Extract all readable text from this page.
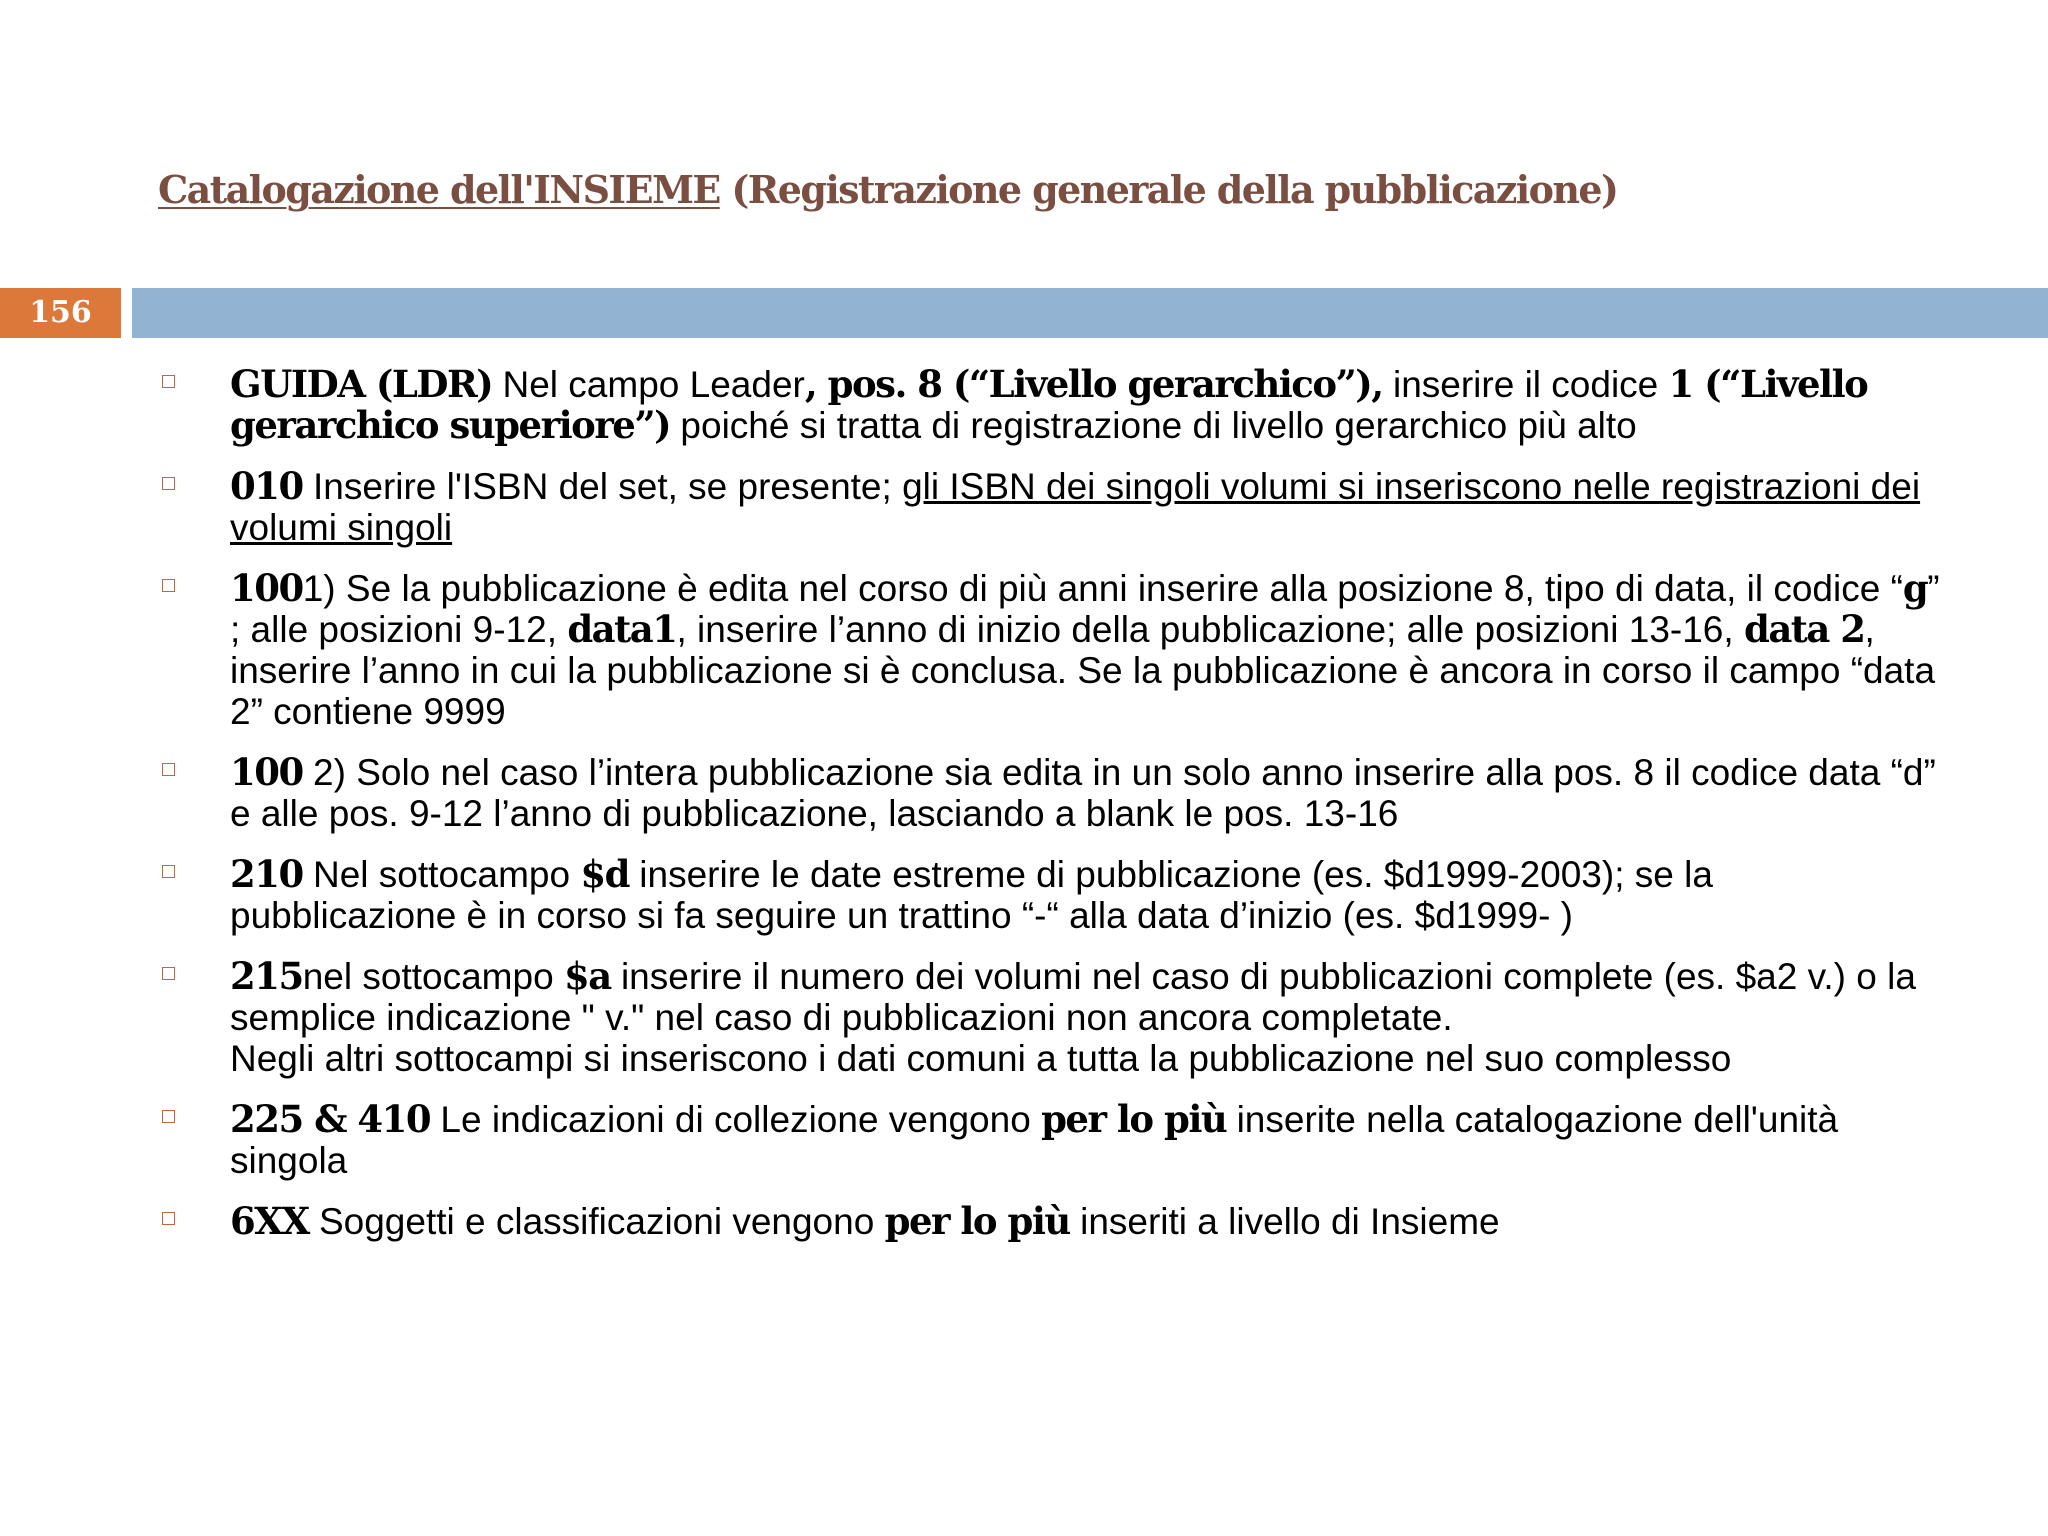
Catalogazione dell'INSIEME (Registrazione generale della pubblicazione)
156
GUIDA (LDR) Nel campo Leader, pos. 8 (“Livello gerarchico”), inserire il codice 1 (“Livello gerarchico superiore”) poiché si tratta di registrazione di livello gerarchico più alto
010 Inserire l'ISBN del set, se presente; gli ISBN dei singoli volumi si inseriscono nelle registrazioni dei volumi singoli
1001) Se la pubblicazione è edita nel corso di più anni inserire alla posizione 8, tipo di data, il codice “g” ; alle posizioni 9-12, data1, inserire l’anno di inizio della pubblicazione; alle posizioni 13-16, data 2, inserire l’anno in cui la pubblicazione si è conclusa. Se la pubblicazione è ancora in corso il campo “data 2” contiene 9999
100 2) Solo nel caso l’intera pubblicazione sia edita in un solo anno inserire alla pos. 8 il codice data “d” e alle pos. 9-12 l’anno di pubblicazione, lasciando a blank le pos. 13-16
210 Nel sottocampo $d inserire le date estreme di pubblicazione (es. $d1999-2003); se la pubblicazione è in corso si fa seguire un trattino “-“ alla data d’inizio (es. $d1999- )
215nel sottocampo $a inserire il numero dei volumi nel caso di pubblicazioni complete (es. $a2 v.) o la semplice indicazione " v." nel caso di pubblicazioni non ancora completate.
Negli altri sottocampi si inseriscono i dati comuni a tutta la pubblicazione nel suo complesso
225 & 410 Le indicazioni di collezione vengono per lo più inserite nella catalogazione dell'unità singola
6XX Soggetti e classificazioni vengono per lo più inseriti a livello di Insieme
